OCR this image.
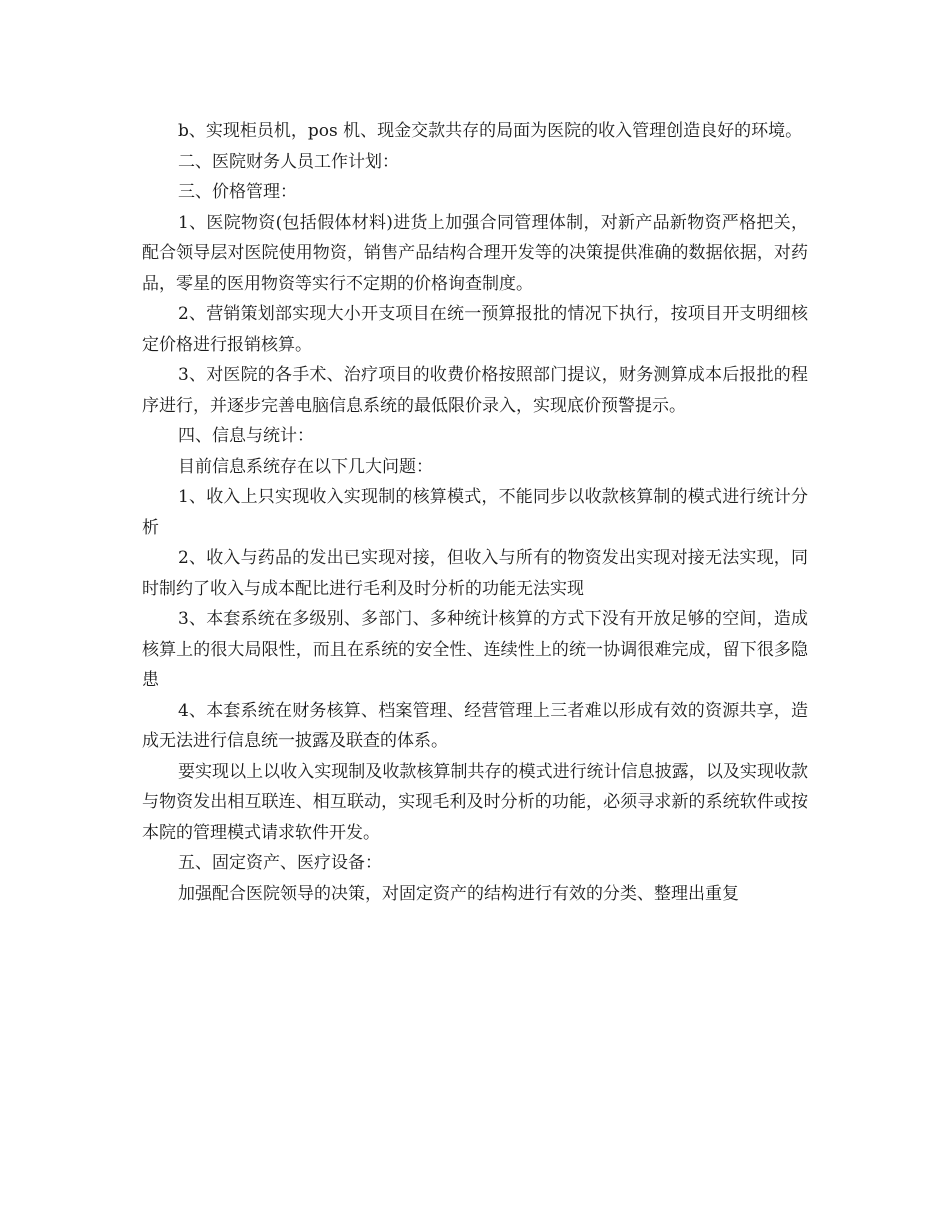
b、实现柜员机，pos 机、现金交款共存的局面为医院的收入管理创造良好的环境。

二、医院财务人员工作计划：

三、价格管理：

1、医院物资(包括假体材料)进货上加强合同管理体制，对新产品新物资严格把关，配合领导层对医院使用物资，销售产品结构合理开发等的决策提供准确的数据依据，对药品，零星的医用物资等实行不定期的价格询查制度。

2、营销策划部实现大小开支项目在统一预算报批的情况下执行，按项目开支明细核定价格进行报销核算。

3、对医院的各手术、治疗项目的收费价格按照部门提议，财务测算成本后报批的程序进行，并逐步完善电脑信息系统的最低限价录入，实现底价预警提示。

四、信息与统计：

目前信息系统存在以下几大问题：

1、收入上只实现收入实现制的核算模式，不能同步以收款核算制的模式进行统计分析

2、收入与药品的发出已实现对接，但收入与所有的物资发出实现对接无法实现，同时制约了收入与成本配比进行毛利及时分析的功能无法实现

3、本套系统在多级别、多部门、多种统计核算的方式下没有开放足够的空间，造成核算上的很大局限性，而且在系统的安全性、连续性上的统一协调很难完成，留下很多隐患

4、本套系统在财务核算、档案管理、经营管理上三者难以形成有效的资源共享，造成无法进行信息统一披露及联查的体系。

要实现以上以收入实现制及收款核算制共存的模式进行统计信息披露，以及实现收款与物资发出相互联连、相互联动，实现毛利及时分析的功能，必须寻求新的系统软件或按本院的管理模式请求软件开发。

五、固定资产、医疗设备：

加强配合医院领导的决策，对固定资产的结构进行有效的分类、整理出重复
